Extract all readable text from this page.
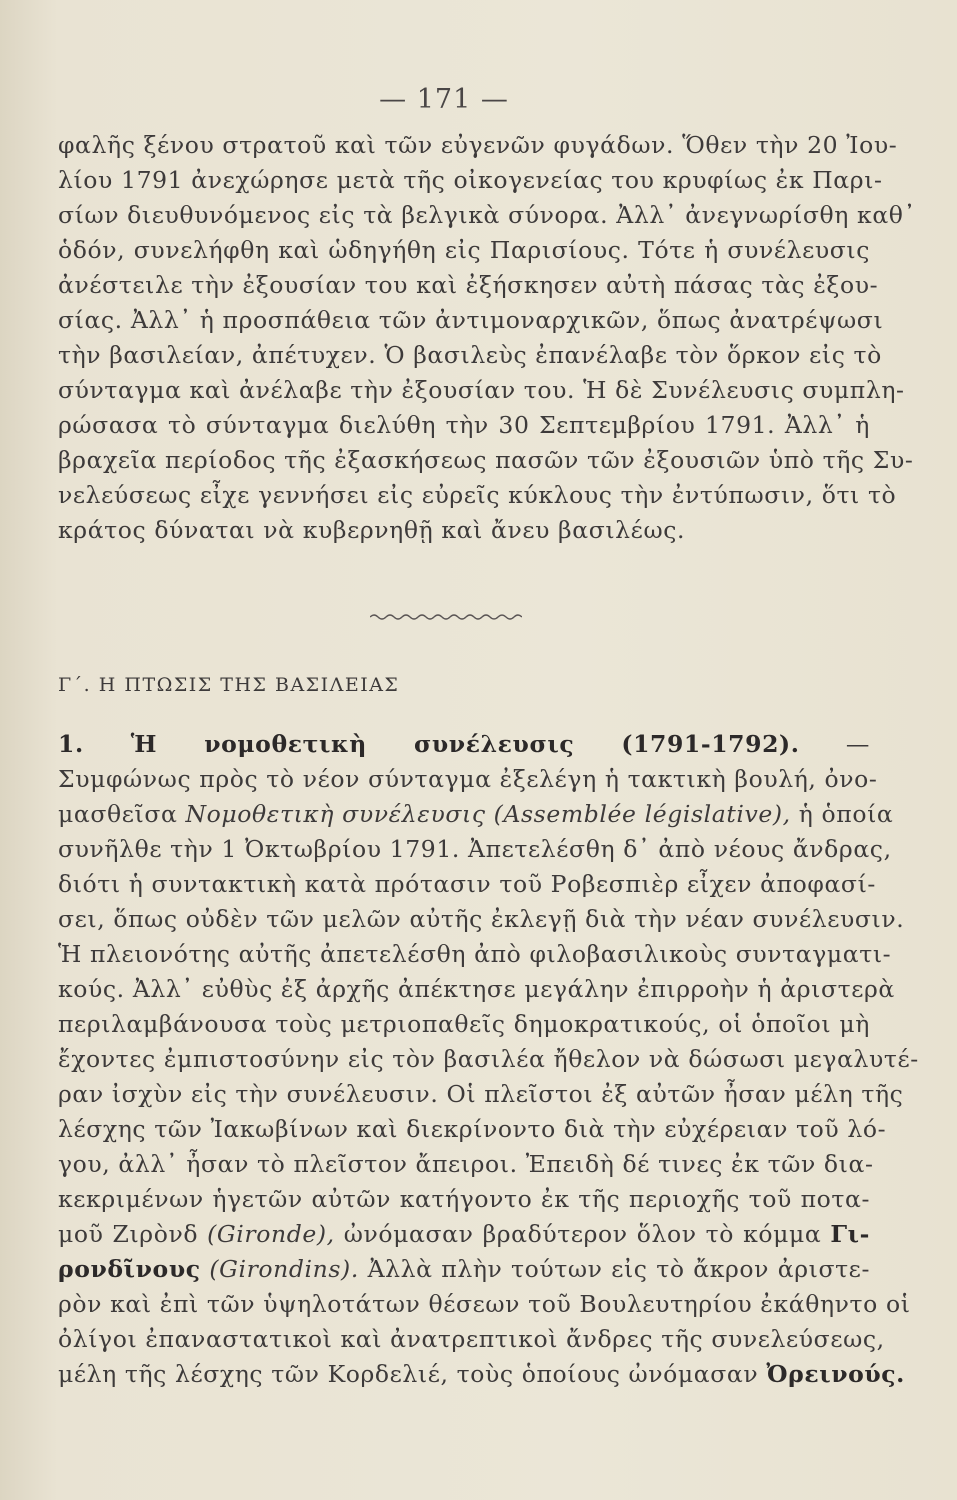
— 171 —
φαλῆς ξένου στρατοῦ καὶ τῶν εὐγενῶν φυγάδων. Ὅθεν τὴν 20 Ἰου-
λίου 1791 ἀνεχώρησε μετὰ τῆς οἰκογενείας του κρυφίως ἐκ Παρι-
σίων διευθυνόμενος εἰς τὰ βελγικὰ σύνορα. Ἀλλ᾿ ἀνεγνωρίσθη καθ᾿
ὁδόν, συνελήφθη καὶ ὡδηγήθη εἰς Παρισίους. Τότε ἡ συνέλευσις
ἀνέστειλε τὴν ἐξουσίαν του καὶ ἐξήσκησεν αὐτὴ πάσας τὰς ἐξου-
σίας. Ἀλλ᾿ ἡ προσπάθεια τῶν ἀντιμοναρχικῶν, ὅπως ἀνατρέψωσι
τὴν βασιλείαν, ἀπέτυχεν. Ὁ βασιλεὺς ἐπανέλαβε τὸν ὅρκον εἰς τὸ
σύνταγμα καὶ ἀνέλαβε τὴν ἐξουσίαν του. Ἡ δὲ Συνέλευσις συμπλη-
ρώσασα τὸ σύνταγμα διελύθη τὴν 30 Σεπτεμβρίου 1791. Ἀλλ᾿ ἡ
βραχεῖα περίοδος τῆς ἐξασκήσεως πασῶν τῶν ἐξουσιῶν ὑπὸ τῆς Συ-
νελεύσεως εἶχε γεννήσει εἰς εὐρεῖς κύκλους τὴν ἐντύπωσιν, ὅτι τὸ
κράτος δύναται νὰ κυβερνηθῇ καὶ ἄνευ βασιλέως.
Γ΄. Η ΠΤΩΣΙΣ ΤΗΣ ΒΑΣΙΛΕΙΑΣ
1. Ἡ νομοθετικὴ συνέλευσις (1791-1792). —
Συμφώνως πρὸς τὸ νέον σύνταγμα ἐξελέγη ἡ τακτικὴ βουλή, ὀνο-
μασθεῖσα Νομοθετικὴ συνέλευσις (Assemblée législative), ἡ ὁποία
συνῆλθε τὴν 1 Ὀκτωβρίου 1791. Ἀπετελέσθη δ᾿ ἀπὸ νέους ἄνδρας,
διότι ἡ συντακτικὴ κατὰ πρότασιν τοῦ Ροβεσπιὲρ εἶχεν ἀποφασί-
σει, ὅπως οὐδὲν τῶν μελῶν αὐτῆς ἐκλεγῇ διὰ τὴν νέαν συνέλευσιν.
Ἡ πλειονότης αὐτῆς ἀπετελέσθη ἀπὸ φιλοβασιλικοὺς συνταγματι-
κούς. Ἀλλ᾿ εὐθὺς ἐξ ἀρχῆς ἀπέκτησε μεγάλην ἐπιρροὴν ἡ ἀριστερὰ
περιλαμβάνουσα τοὺς μετριοπαθεῖς δημοκρατικούς, οἱ ὁποῖοι μὴ
ἔχοντες ἐμπιστοσύνην εἰς τὸν βασιλέα ἤθελον νὰ δώσωσι μεγαλυτέ-
ραν ἰσχὺν εἰς τὴν συνέλευσιν. Οἱ πλεῖστοι ἐξ αὐτῶν ἦσαν μέλη τῆς
λέσχης τῶν Ἰακωβίνων καὶ διεκρίνοντο διὰ τὴν εὐχέρειαν τοῦ λό-
γου, ἀλλ᾿ ἦσαν τὸ πλεῖστον ἄπειροι. Ἐπειδὴ δέ τινες ἐκ τῶν δια-
κεκριμένων ἡγετῶν αὐτῶν κατήγοντο ἐκ τῆς περιοχῆς τοῦ ποτα-
μοῦ Ζιρὸνδ (Gironde), ὠνόμασαν βραδύτερον ὅλον τὸ κόμμα Γι-
ρονδῖνους (Girondins). Ἀλλὰ πλὴν τούτων εἰς τὸ ἄκρον ἀριστε-
ρὸν καὶ ἐπὶ τῶν ὑψηλοτάτων θέσεων τοῦ Βουλευτηρίου ἐκάθηντο οἱ
ὀλίγοι ἐπαναστατικοὶ καὶ ἀνατρεπτικοὶ ἄνδρες τῆς συνελεύσεως,
μέλη τῆς λέσχης τῶν Κορδελιέ, τοὺς ὁποίους ὠνόμασαν Ὀρεινούς.
